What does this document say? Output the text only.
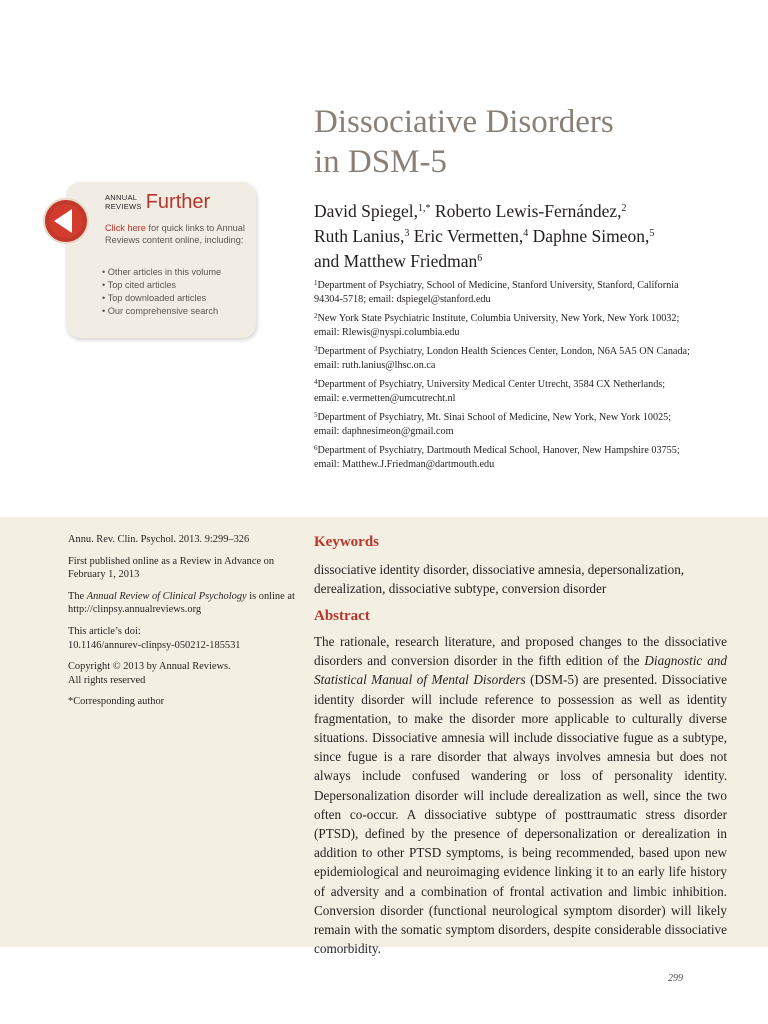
Dissociative Disorders
in DSM-5
David Spiegel,$^{1,*}$ Roberto Lewis-Fernández,$^2$
Ruth Lanius,$^3$ Eric Vermetten,$^4$ Daphne Simeon,$^5$
and Matthew Friedman$^6$
$^1$Department of Psychiatry, School of Medicine, Stanford University, Stanford, California
94304-5718; email: dspiegel@stanford.edu
$^2$New York State Psychiatric Institute, Columbia University, New York, New York 10032;
email: Rlewis@nyspi.columbia.edu
$^3$Department of Psychiatry, London Health Sciences Center, London, N6A 5A5 ON Canada;
email: ruth.lanius@lhsc.on.ca
$^4$Department of Psychiatry, University Medical Center Utrecht, 3584 CX Netherlands;
email: e.vermetten@umcutrecht.nl
$^5$Department of Psychiatry, Mt. Sinai School of Medicine, New York, New York 10025;
email: daphnesimeon@gmail.com
$^6$Department of Psychiatry, Dartmouth Medical School, Hanover, New Hampshire 03755;
email: Matthew.J.Friedman@dartmouth.edu
ANNUAL
REVIEWS Further
Click here for quick links to Annual Reviews content online, including:
• Other articles in this volume
• Top cited articles
• Top downloaded articles
• Our comprehensive search

Annu. Rev. Clin. Psychol. 2013. 9:299–326

First published online as a Review in Advance on February 1, 2013

The Annual Review of Clinical Psychology is online at http://clinpsy.annualreviews.org

This article’s doi:
10.1146/annurev-clinpsy-050212-185531

Copyright © 2013 by Annual Reviews.
All rights reserved

*Corresponding author

Keywords
dissociative identity disorder, dissociative amnesia, depersonalization, derealization, dissociative subtype, conversion disorder
Abstract
The rationale, research literature, and proposed changes to the dissociative disorders and conversion disorder in the fifth edition of the Diagnostic and Statistical Manual of Mental Disorders (DSM-5) are presented. Dissociative identity disorder will include reference to possession as well as identity fragmentation, to make the disorder more applicable to culturally diverse situations. Dissociative amnesia will include dissociative fugue as a subtype, since fugue is a rare disorder that always involves amnesia but does not always include confused wandering or loss of personality identity. Depersonalization disorder will include derealization as well, since the two often co-occur. A dissociative subtype of posttraumatic stress disorder (PTSD), defined by the presence of depersonalization or derealization in addition to other PTSD symptoms, is being recommended, based upon new epidemiological and neuroimaging evidence linking it to an early life history of adversity and a combination of frontal activation and limbic inhibition. Conversion disorder (functional neurological symptom disorder) will likely remain with the somatic symptom disorders, despite considerable dissociative comorbidity.
299
